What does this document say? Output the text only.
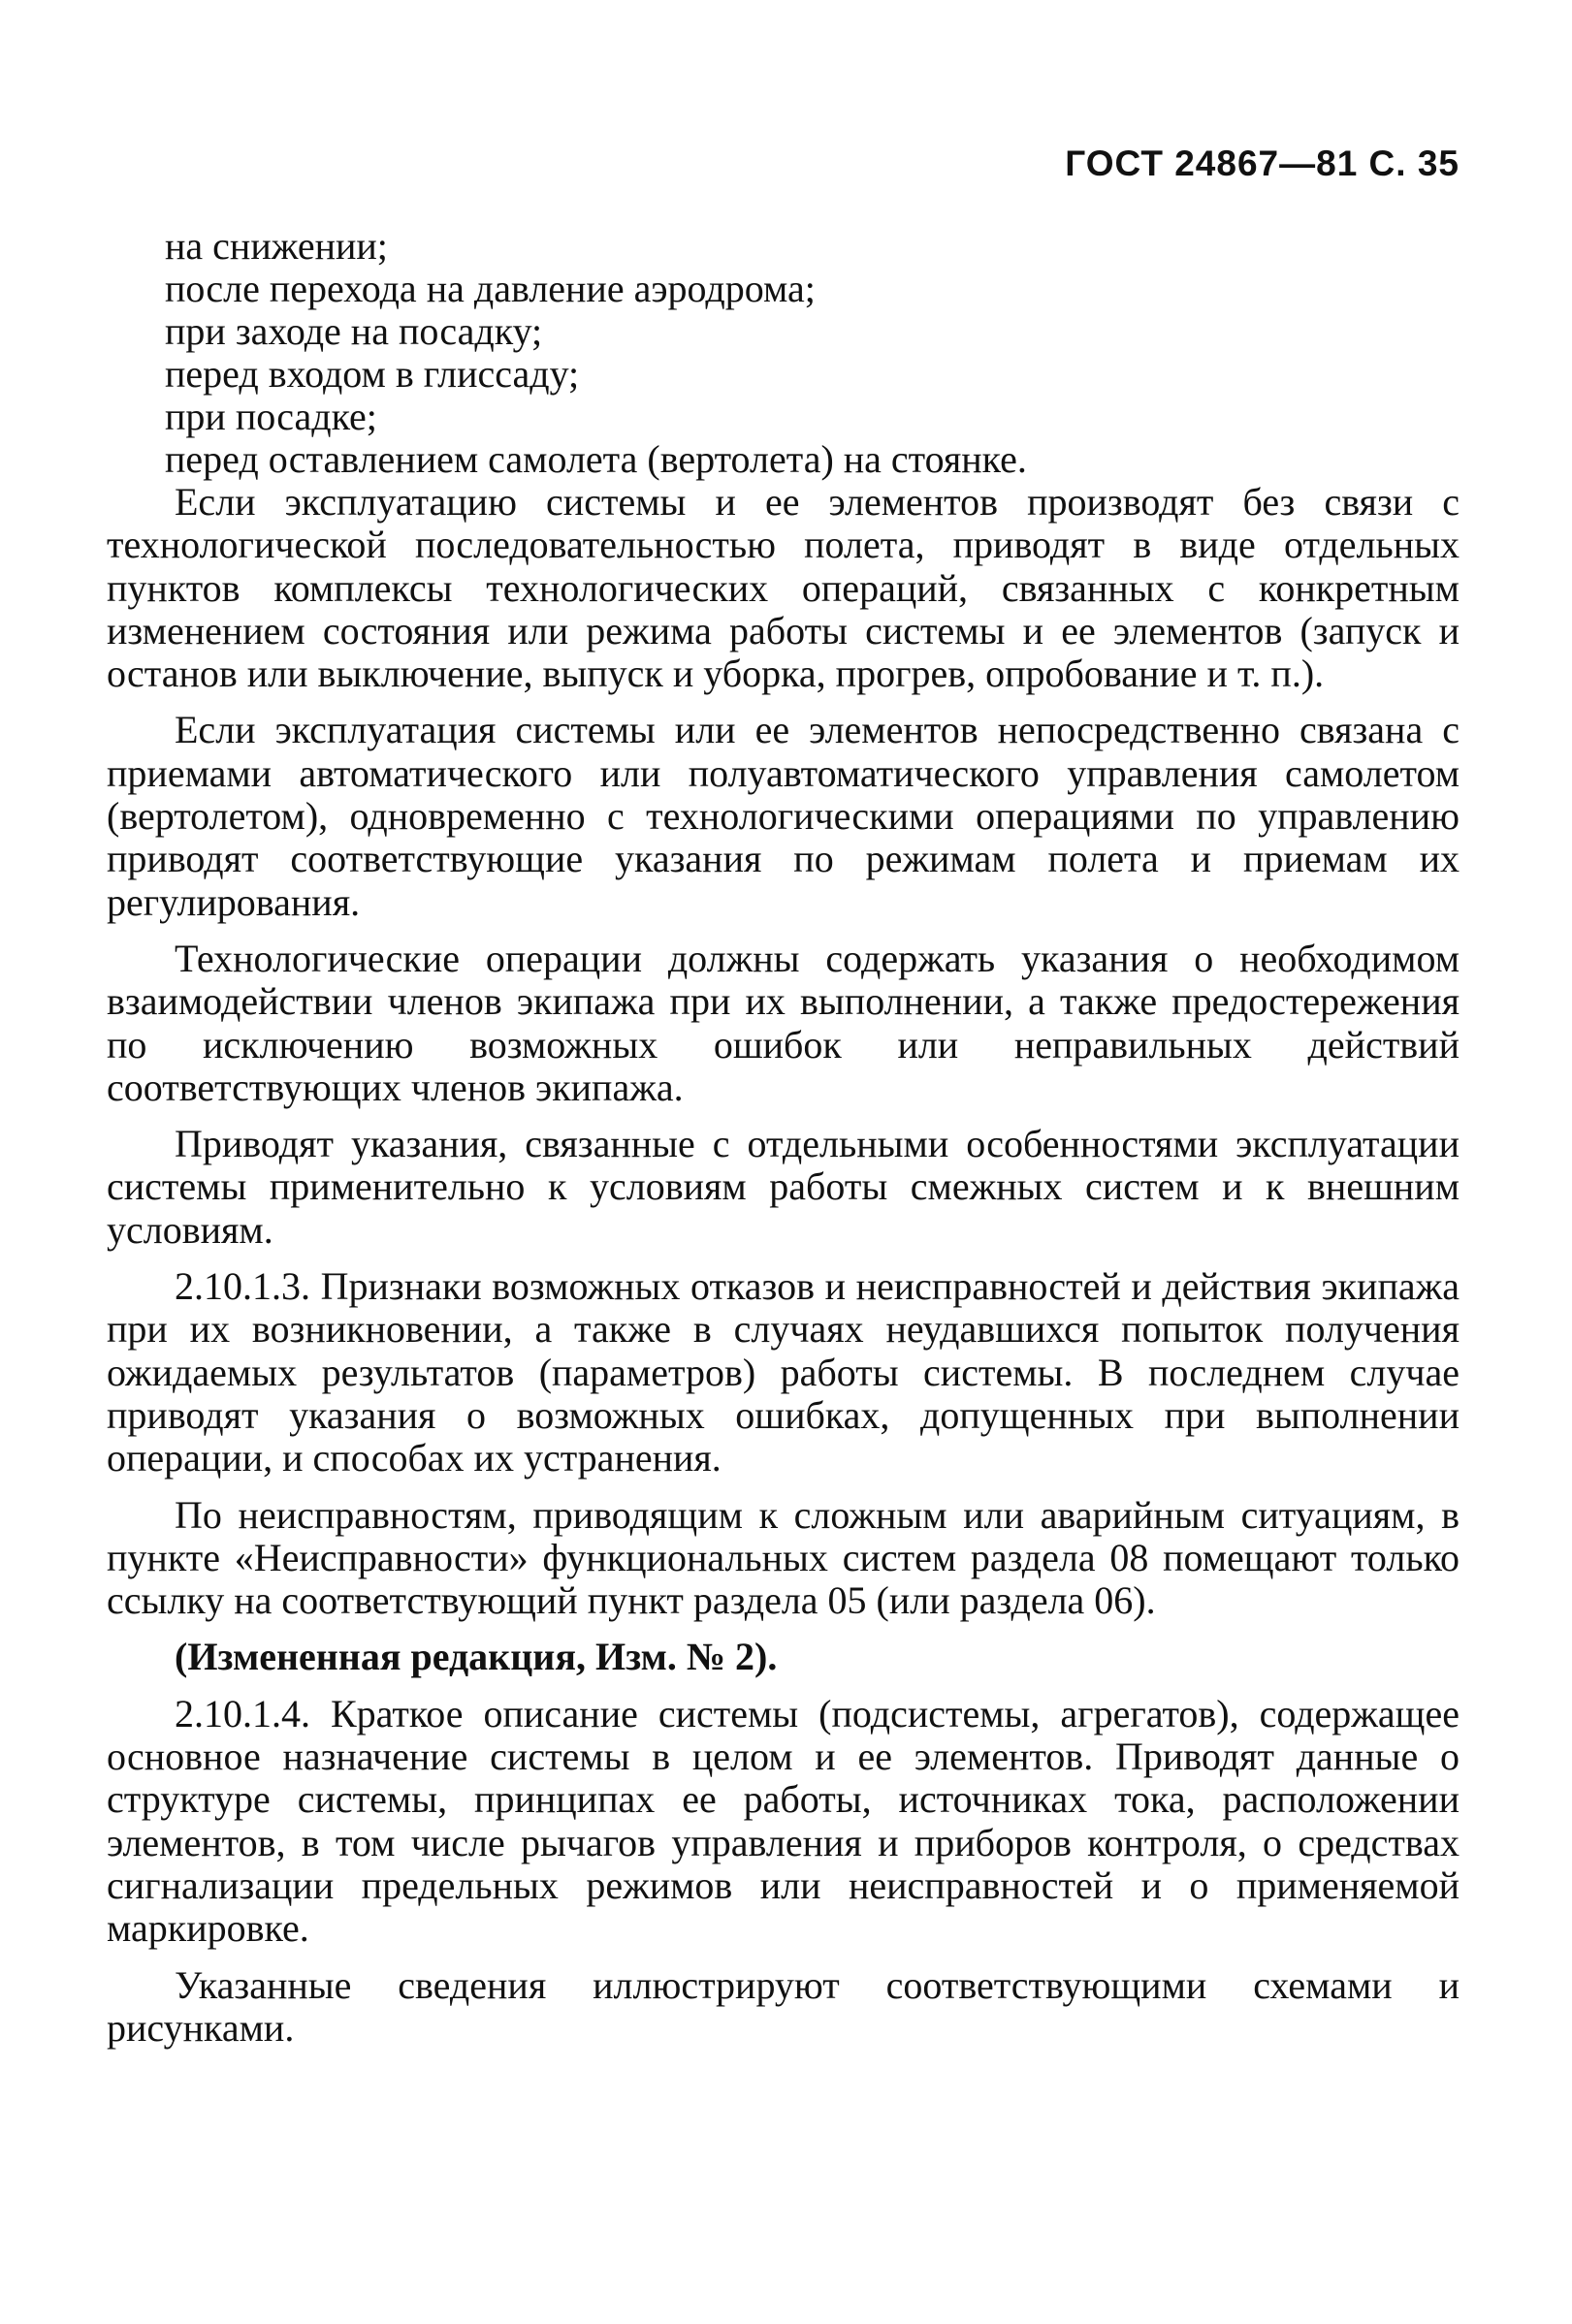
ГОСТ 24867—81 С. 35
на снижении;
после перехода на давление аэродрома;
при заходе на посадку;
перед входом в глиссаду;
при посадке;
перед оставлением самолета (вертолета) на стоянке.

Если эксплуатацию системы и ее элементов производят без связи с технологической последовательностью полета, приводят в виде отдельных пунктов комплексы технологических операций, связанных с конкретным изменением состояния или режима работы системы и ее элементов (запуск и останов или выключение, выпуск и уборка, прогрев, опробование и т. п.).

Если эксплуатация системы или ее элементов непосредственно связана с приемами автоматического или полуавтоматического управления самолетом (вертолетом), одновременно с технологическими операциями по управлению приводят соответствующие указания по режимам полета и приемам их регулирования.

Технологические операции должны содержать указания о необходимом взаимодействии членов экипажа при их выполнении, а также предостережения по исключению возможных ошибок или неправильных действий соответствующих членов экипажа.

Приводят указания, связанные с отдельными особенностями эксплуатации системы применительно к условиям работы смежных систем и к внешним условиям.

2.10.1.3. Признаки возможных отказов и неисправностей и действия экипажа при их возникновении, а также в случаях неудавшихся попыток получения ожидаемых результатов (параметров) работы системы. В последнем случае приводят указания о возможных ошибках, допущенных при выполнении операции, и способах их устранения.

По неисправностям, приводящим к сложным или аварийным ситуациям, в пункте «Неисправности» функциональных систем раздела 08 помещают только ссылку на соответствующий пункт раздела 05 (или раздела 06).

(Измененная редакция, Изм. № 2).

2.10.1.4. Краткое описание системы (подсистемы, агрегатов), содержащее основное назначение системы в целом и ее элементов. Приводят данные о структуре системы, принципах ее работы, источниках тока, расположении элементов, в том числе рычагов управления и приборов контроля, о средствах сигнализации предельных режимов или неисправностей и о применяемой маркировке.

Указанные сведения иллюстрируют соответствующими схемами и рисунками.
